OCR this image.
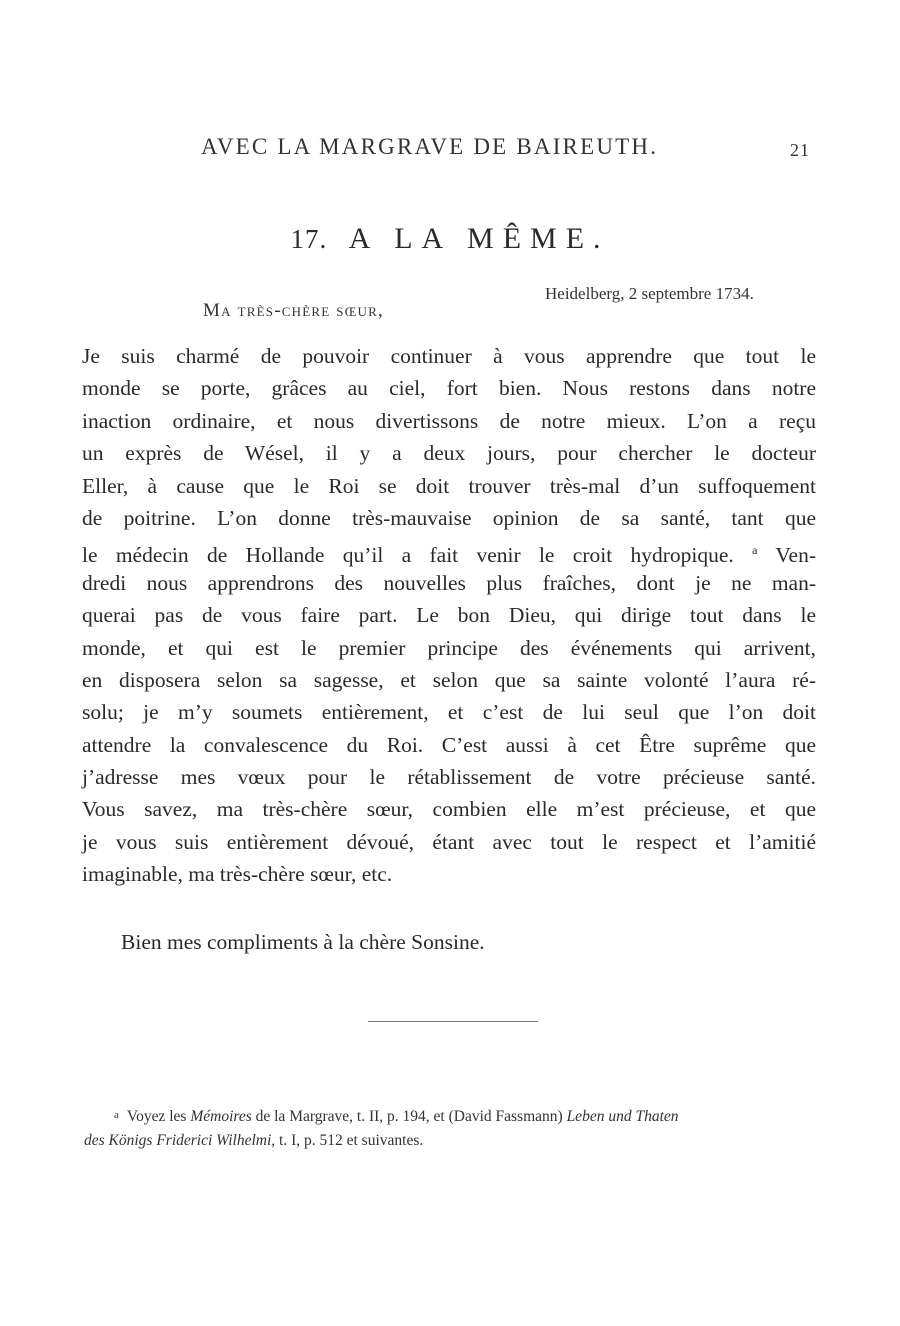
AVEC LA MARGRAVE DE BAIREUTH.	21
17. A LA MÊME.
Heidelberg, 2 septembre 1734.
Ma très-chère sœur,
Je suis charmé de pouvoir continuer à vous apprendre que tout le
monde se porte, grâces au ciel, fort bien. Nous restons dans notre
inaction ordinaire, et nous divertissons de notre mieux. L’on a reçu
un exprès de Wésel, il y a deux jours, pour chercher le docteur
Eller, à cause que le Roi se doit trouver très-mal d’un suffoquement
de poitrine. L’on donne très-mauvaise opinion de sa santé, tant que
le médecin de Hollande qu’il a fait venir le croit hydropique. $^a$ Ven-
dredi nous apprendrons des nouvelles plus fraîches, dont je ne man-
querai pas de vous faire part. Le bon Dieu, qui dirige tout dans le
monde, et qui est le premier principe des événements qui arrivent,
en disposera selon sa sagesse, et selon que sa sainte volonté l’aura ré-
solu; je m’y soumets entièrement, et c’est de lui seul que l’on doit
attendre la convalescence du Roi. C’est aussi à cet Être suprême que
j’adresse mes vœux pour le rétablissement de votre précieuse santé.
Vous savez, ma très-chère sœur, combien elle m’est précieuse, et que
je vous suis entièrement dévoué, étant avec tout le respect et l’amitié
imaginable, ma très-chère sœur, etc.
Bien mes compliments à la chère Sonsine.
a Voyez les Mémoires de la Margrave, t. II, p. 194, et (David Fassmann) Leben und Thaten
des Königs Friderici Wilhelmi, t. I, p. 512 et suivantes.
